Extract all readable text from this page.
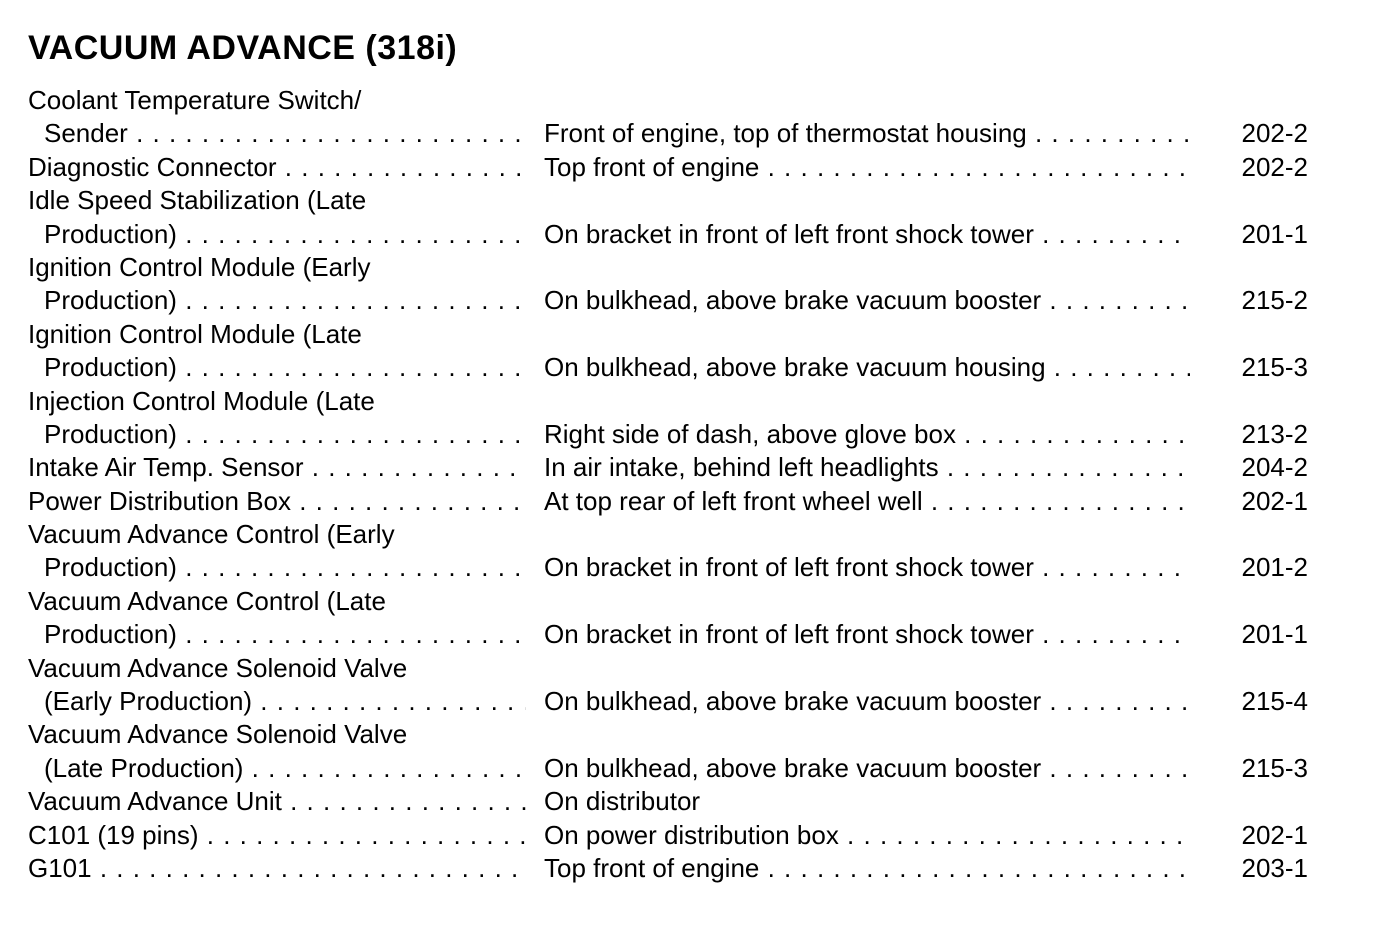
VACUUM ADVANCE (318i)
Coolant Temperature Switch/
Sender . . .	Front of engine, top of thermostat housing . . .	202-2
Diagnostic Connector . . .	Top front of engine . . .	202-2
Idle Speed Stabilization (Late
Production) . . .	On bracket in front of left front shock tower . . .	201-1
Ignition Control Module (Early
Production) . . .	On bulkhead, above brake vacuum booster . . .	215-2
Ignition Control Module (Late
Production) . . .	On bulkhead, above brake vacuum housing . . .	215-3
Injection Control Module (Late
Production) . . .	Right side of dash, above glove box . . .	213-2
Intake Air Temp. Sensor . . .	In air intake, behind left headlights . . .	204-2
Power Distribution Box . . .	At top rear of left front wheel well . . .	202-1
Vacuum Advance Control (Early
Production) . . .	On bracket in front of left front shock tower . . .	201-2
Vacuum Advance Control (Late
Production) . . .	On bracket in front of left front shock tower . . .	201-1
Vacuum Advance Solenoid Valve
(Early Production) . . .	On bulkhead, above brake vacuum booster . . .	215-4
Vacuum Advance Solenoid Valve
(Late Production) . . .	On bulkhead, above brake vacuum booster . . .	215-3
Vacuum Advance Unit . . .	On distributor
C101 (19 pins) . . .	On power distribution box . . .	202-1
G101 . . .	Top front of engine . . .	203-1
